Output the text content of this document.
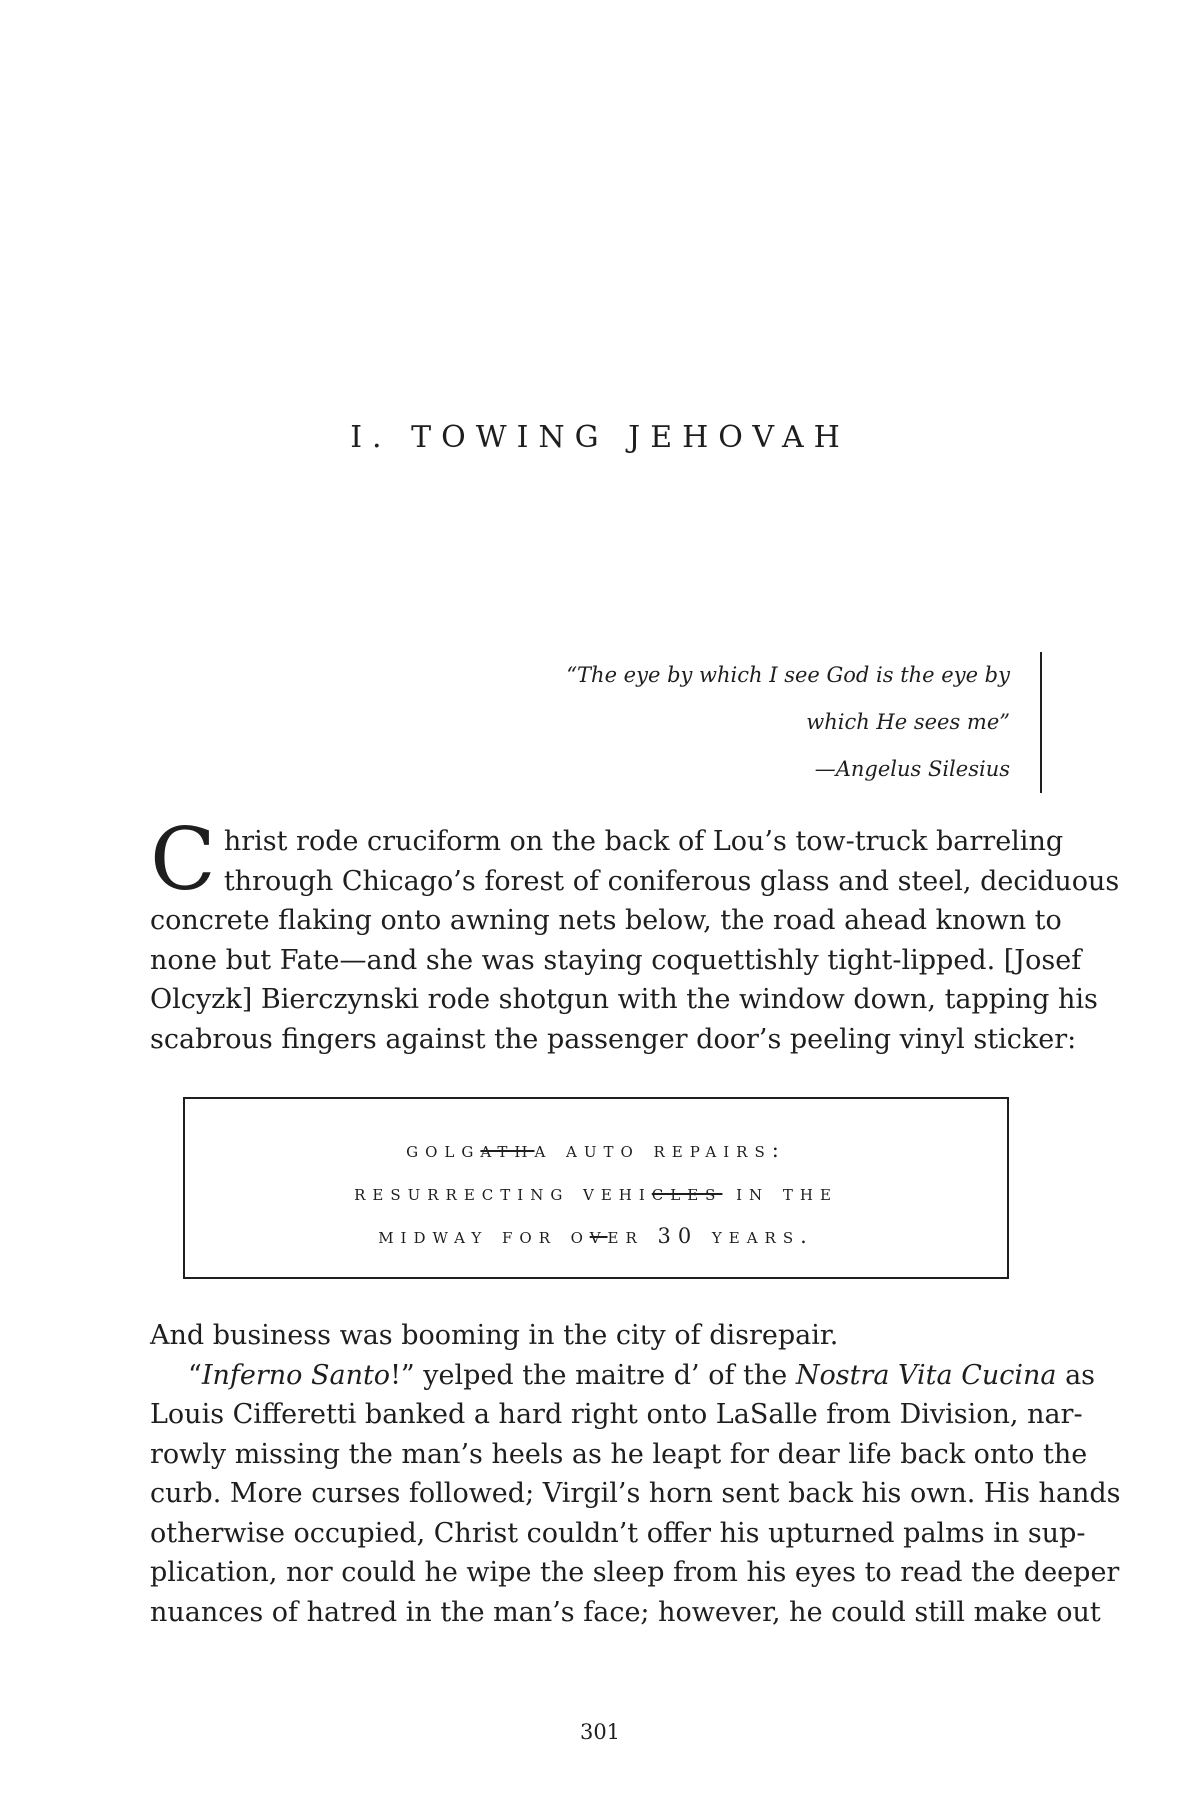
I. TOWING JEHOVAH
“The eye by which I see God is the eye by
which He sees me”
—Angelus Silesius
C hrist rode cruciform on the back of Lou’s tow-truck barreling
through Chicago’s forest of coniferous glass and steel, deciduous
concrete flaking onto awning nets below, the road ahead known to
none but Fate—and she was staying coquettishly tight-lipped. [Josef
Olcyzk] Bierczynski rode shotgun with the window down, tapping his
scabrous fingers against the passenger door’s peeling vinyl sticker:
golgatha auto repairs:
resurrecting vehicles in the
midway for over 30 years.
And business was booming in the city of disrepair.
“Inferno Santo!” yelped the maitre d’ of the Nostra Vita Cucina as
Louis Cifferetti banked a hard right onto LaSalle from Division, nar-
rowly missing the man’s heels as he leapt for dear life back onto the
curb. More curses followed; Virgil’s horn sent back his own. His hands
otherwise occupied, Christ couldn’t offer his upturned palms in sup-
plication, nor could he wipe the sleep from his eyes to read the deeper
nuances of hatred in the man’s face; however, he could still make out
301
